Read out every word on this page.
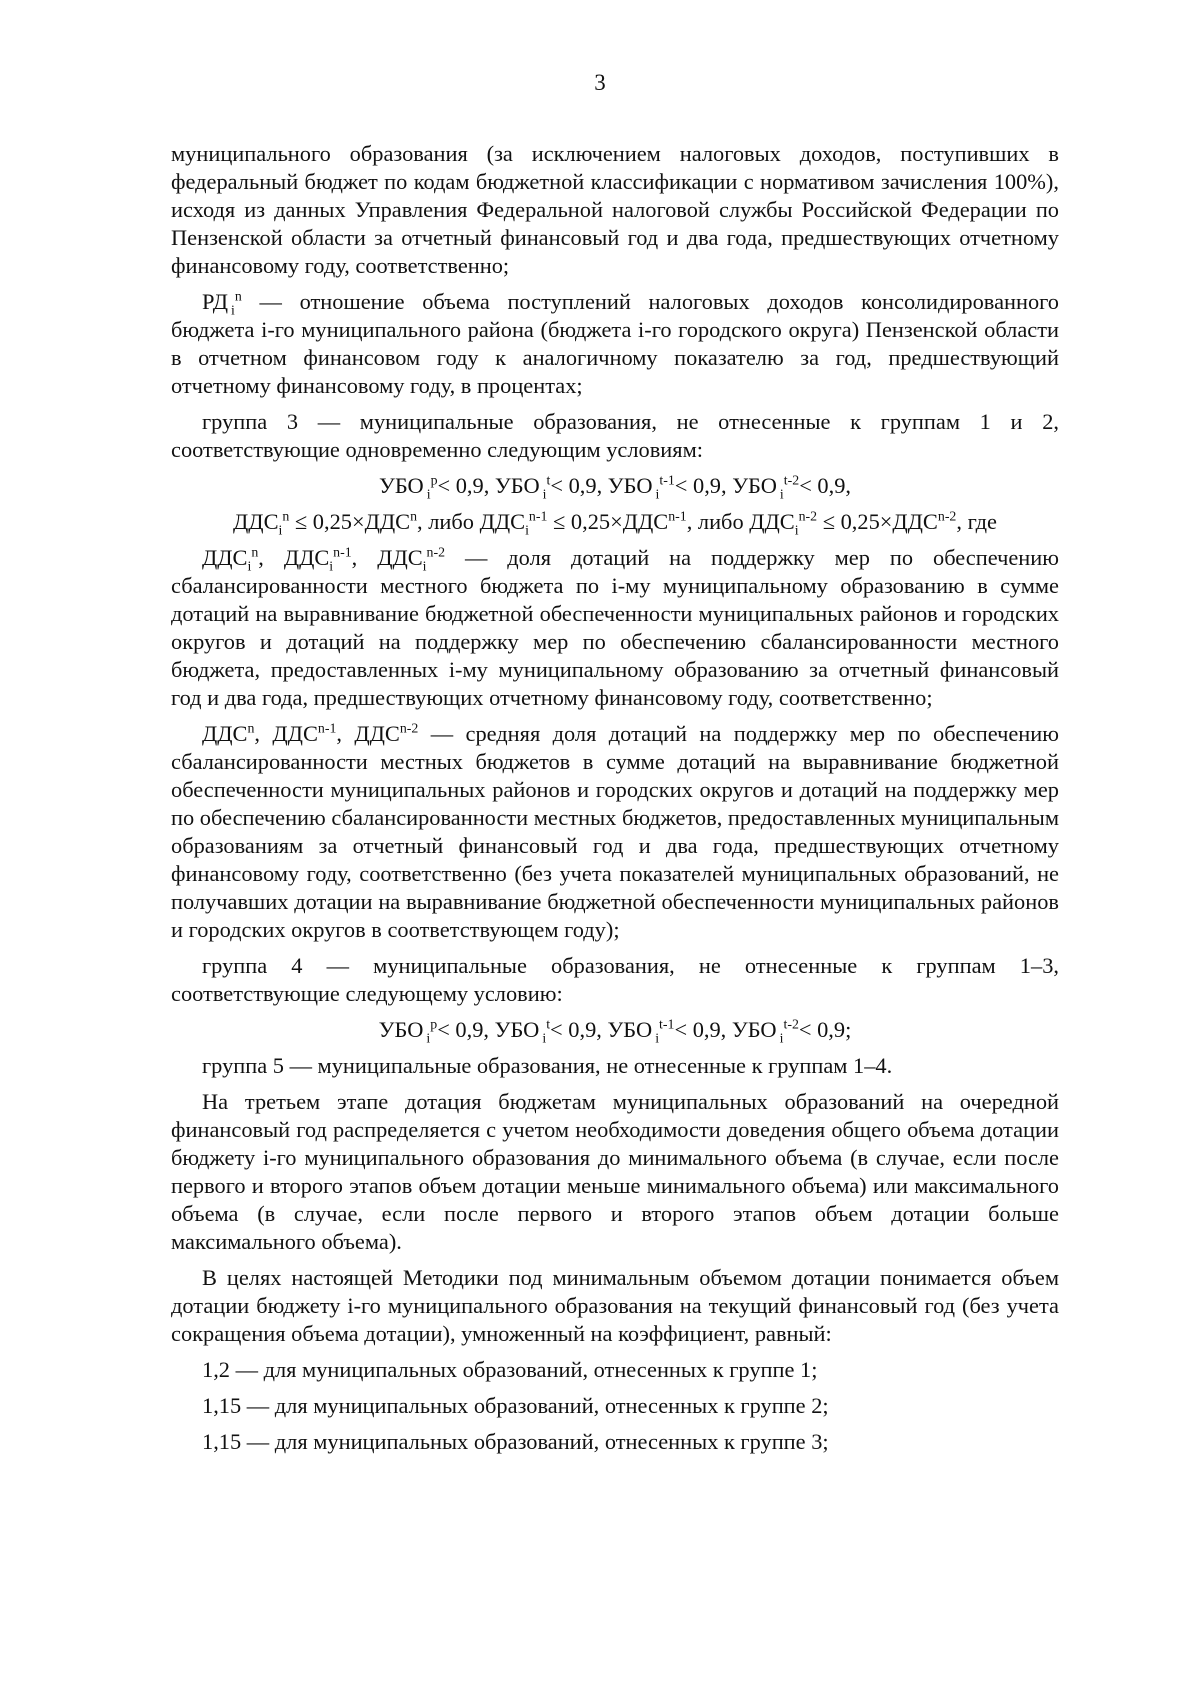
3

муниципального образования (за исключением налоговых доходов, поступивших в федеральный бюджет по кодам бюджетной классификации с нормативом зачисления 100%), исходя из данных Управления Федеральной налоговой службы Российской Федерации по Пензенской области за отчетный финансовый год и два года, предшествующих отчетному финансовому году, соответственно;

РД $_i^n$ — отношение объема поступлений налоговых доходов консолидированного бюджета i-го муниципального района (бюджета i-го городского округа) Пензенской области в отчетном финансовом году к аналогичному показателю за год, предшествующий отчетному финансовому году, в процентах;

группа 3 — муниципальные образования, не отнесенные к группам 1 и 2, соответствующие одновременно следующим условиям:

УБО $_i^p$< 0,9, УБО $_i^t$< 0,9, УБО $_i^{t-1}$< 0,9, УБО $_i^{t-2}$< 0,9,

$ДДС_i^n \le 0,25\times ДДС^n$, либо $ДДС_i^{n-1} \le 0,25\times ДДС^{n-1}$, либо $ДДС_i^{n-2} \le 0,25\times ДДС^{n-2}$, где

$ДДС_i^n$, $ДДС_i^{n-1}$, $ДДС_i^{n-2}$ — доля дотаций на поддержку мер по обеспечению сбалансированности местного бюджета по i-му муниципальному образованию в сумме дотаций на выравнивание бюджетной обеспеченности муниципальных районов и городских округов и дотаций на поддержку мер по обеспечению сбалансированности местного бюджета, предоставленных i-му муниципальному образованию за отчетный финансовый год и два года, предшествующих отчетному финансовому году, соответственно;

ДДС$^n$, ДДС$^{n-1}$, ДДС$^{n-2}$ — средняя доля дотаций на поддержку мер по обеспечению сбалансированности местных бюджетов в сумме дотаций на выравнивание бюджетной обеспеченности муниципальных районов и городских округов и дотаций на поддержку мер по обеспечению сбалансированности местных бюджетов, предоставленных муниципальным образованиям за отчетный финансовый год и два года, предшествующих отчетному финансовому году, соответственно (без учета показателей муниципальных образований, не получавших дотации на выравнивание бюджетной обеспеченности муниципальных районов и городских округов в соответствующем году);

группа 4 — муниципальные образования, не отнесенные к группам 1–3, соответствующие следующему условию:

УБО $_i^p$< 0,9, УБО $_i^t$< 0,9, УБО $_i^{t-1}$< 0,9, УБО $_i^{t-2}$< 0,9;

группа 5 — муниципальные образования, не отнесенные к группам 1–4.

На третьем этапе дотация бюджетам муниципальных образований на очередной финансовый год распределяется с учетом необходимости доведения общего объема дотации бюджету i-го муниципального образования до минимального объема (в случае, если после первого и второго этапов объем дотации меньше минимального объема) или максимального объема (в случае, если после первого и второго этапов объем дотации больше максимального объема).

В целях настоящей Методики под минимальным объемом дотации понимается объем дотации бюджету i-го муниципального образования на текущий финансовый год (без учета сокращения объема дотации), умноженный на коэффициент, равный:

1,2 — для муниципальных образований, отнесенных к группе 1;

1,15 — для муниципальных образований, отнесенных к группе 2;

1,15 — для муниципальных образований, отнесенных к группе 3;
